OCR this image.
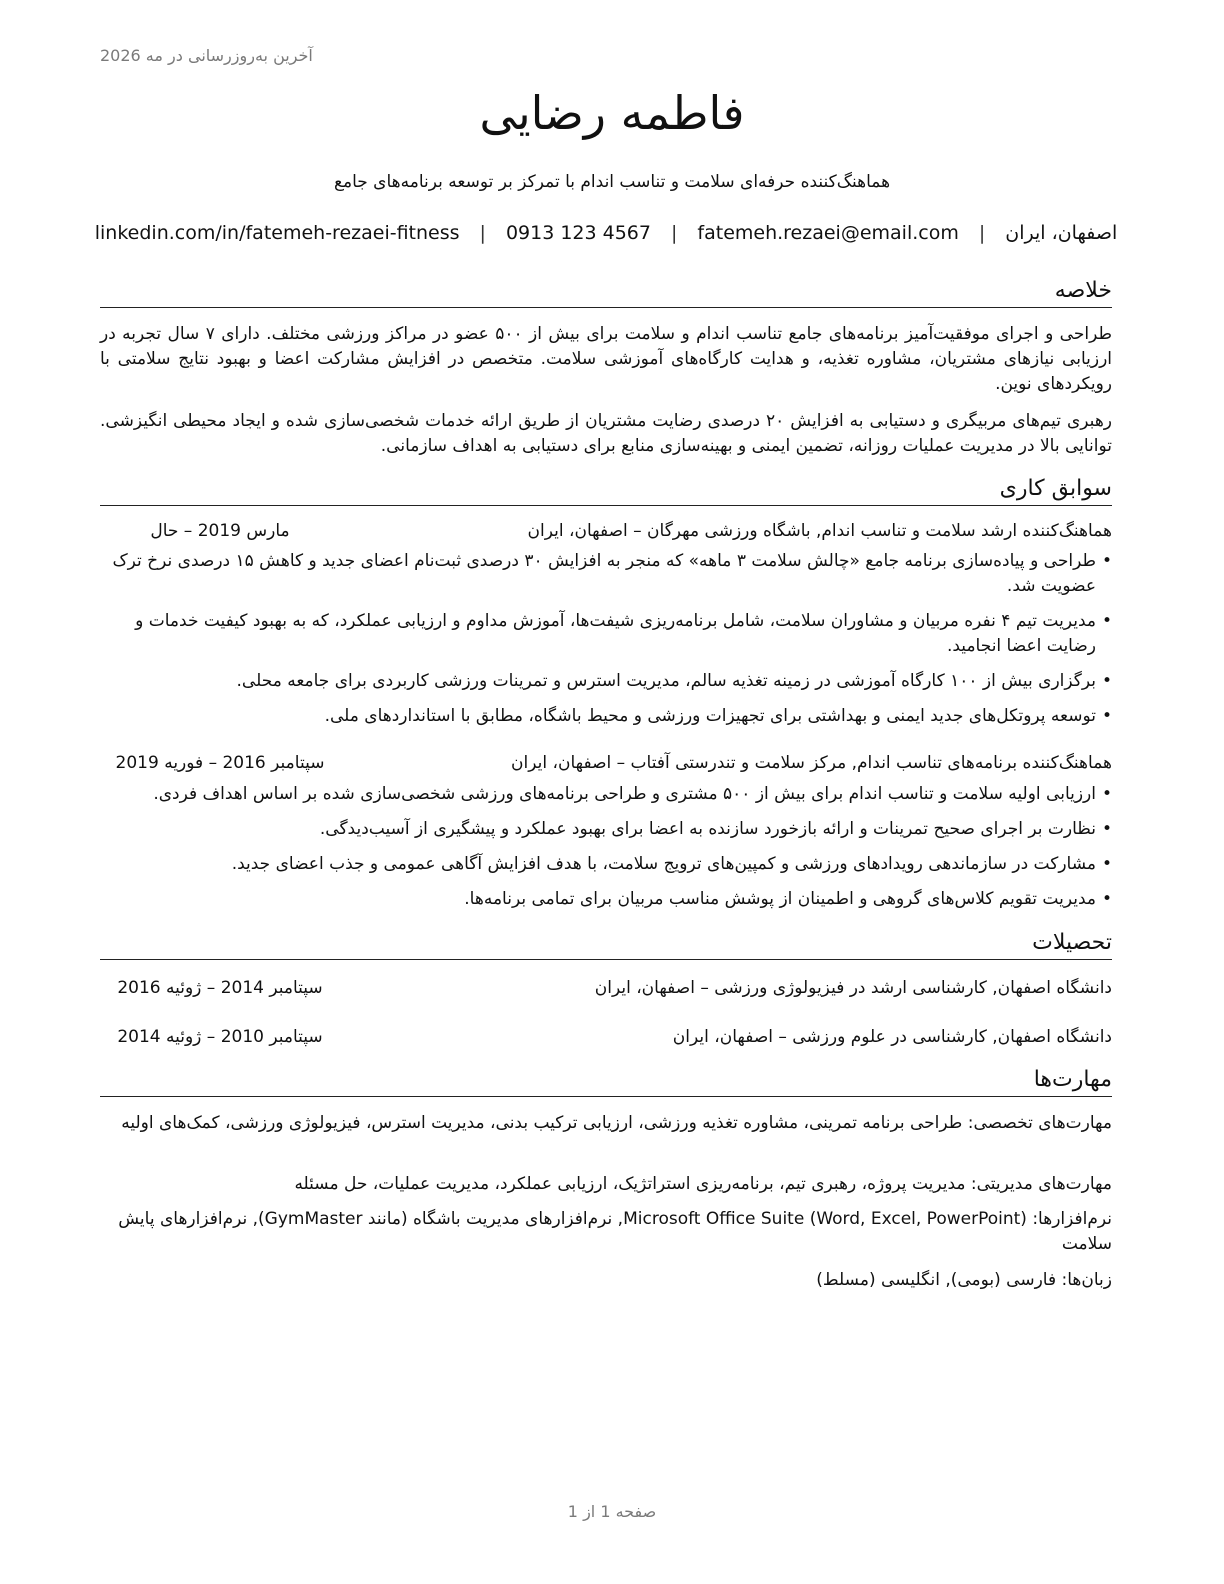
آخرین به‌روزرسانی در مه 2026
فاطمه رضایی
هماهنگ‌کننده حرفه‌ای سلامت و تناسب اندام با تمرکز بر توسعه برنامه‌های جامع
اصفهان، ایران
|
fatemeh.rezaei@email.com
|
0913 123 4567
|
linkedin.com/in/fatemeh-rezaei-fitness
خلاصه
طراحی و اجرای موفقیت‌آمیز برنامه‌های جامع تناسب اندام و سلامت برای بیش از ۵۰۰ عضو در مراکز ورزشی مختلف. دارای ۷ سال تجربه در ارزیابی نیازهای مشتریان، مشاوره تغذیه، و هدایت کارگاه‌های آموزشی سلامت. متخصص در افزایش مشارکت اعضا و بهبود نتایج سلامتی با رویکردهای نوین.
رهبری تیم‌های مربیگری و دستیابی به افزایش ۲۰ درصدی رضایت مشتریان از طریق ارائه خدمات شخصی‌سازی شده و ایجاد محیطی انگیزشی. توانایی بالا در مدیریت عملیات روزانه، تضمین ایمنی و بهینه‌سازی منابع برای دستیابی به اهداف سازمانی.
سوابق کاری
هماهنگ‌کننده ارشد سلامت و تناسب اندام, باشگاه ورزشی مهرگان – اصفهان، ایران
مارس 2019 – حال
• طراحی و پیاده‌سازی برنامه جامع «چالش سلامت ۳ ماهه» که منجر به افزایش ۳۰ درصدی ثبت‌نام اعضای جدید و کاهش ۱۵ درصدی نرخ ترک عضویت شد.
• مدیریت تیم ۴ نفره مربیان و مشاوران سلامت، شامل برنامه‌ریزی شیفت‌ها، آموزش مداوم و ارزیابی عملکرد، که به بهبود کیفیت خدمات و رضایت اعضا انجامید.
• برگزاری بیش از ۱۰۰ کارگاه آموزشی در زمینه تغذیه سالم، مدیریت استرس و تمرینات ورزشی کاربردی برای جامعه محلی.
• توسعه پروتکل‌های جدید ایمنی و بهداشتی برای تجهیزات ورزشی و محیط باشگاه، مطابق با استانداردهای ملی.
هماهنگ‌کننده برنامه‌های تناسب اندام, مرکز سلامت و تندرستی آفتاب – اصفهان، ایران
سپتامبر 2016 – فوریه 2019
• ارزیابی اولیه سلامت و تناسب اندام برای بیش از ۵۰۰ مشتری و طراحی برنامه‌های ورزشی شخصی‌سازی شده بر اساس اهداف فردی.
• نظارت بر اجرای صحیح تمرینات و ارائه بازخورد سازنده به اعضا برای بهبود عملکرد و پیشگیری از آسیب‌دیدگی.
• مشارکت در سازماندهی رویدادهای ورزشی و کمپین‌های ترویج سلامت، با هدف افزایش آگاهی عمومی و جذب اعضای جدید.
• مدیریت تقویم کلاس‌های گروهی و اطمینان از پوشش مناسب مربیان برای تمامی برنامه‌ها.
تحصیلات
دانشگاه اصفهان, کارشناسی ارشد در فیزیولوژی ورزشی – اصفهان، ایران
سپتامبر 2014 – ژوئیه 2016
دانشگاه اصفهان, کارشناسی در علوم ورزشی – اصفهان، ایران
سپتامبر 2010 – ژوئیه 2014
مهارت‌ها
مهارت‌های تخصصی: طراحی برنامه تمرینی، مشاوره تغذیه ورزشی، ارزیابی ترکیب بدنی، مدیریت استرس، فیزیولوژی ورزشی، کمک‌های اولیه
مهارت‌های مدیریتی: مدیریت پروژه، رهبری تیم، برنامه‌ریزی استراتژیک، ارزیابی عملکرد، مدیریت عملیات، حل مسئله
نرم‌افزارها: Microsoft Office Suite (Word, Excel, PowerPoint), نرم‌افزارهای مدیریت باشگاه (مانند GymMaster), نرم‌افزارهای پایش سلامت
زبان‌ها: فارسی (بومی), انگلیسی (مسلط)
صفحه 1 از 1
